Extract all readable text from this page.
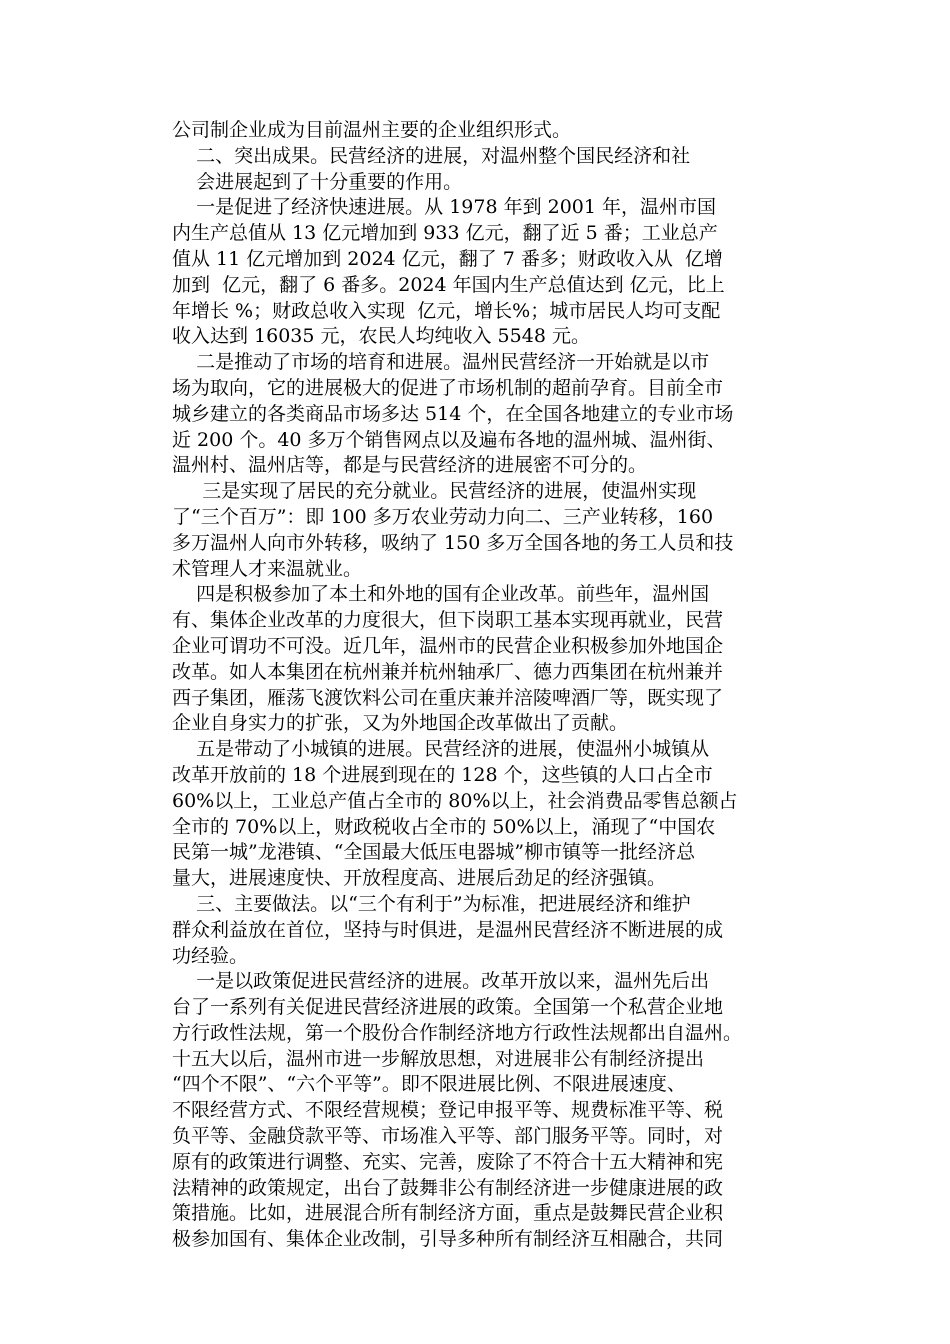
公司制企业成为目前温州主要的企业组织形式。
二、突出成果。民营经济的进展，对温州整个国民经济和社
会进展起到了十分重要的作用。
一是促进了经济快速进展。从 1978 年到 2001 年，温州市国
内生产总值从 13 亿元增加到 933 亿元，翻了近 5 番；工业总产
值从 11 亿元增加到 2024 亿元，翻了 7 番多；财政收入从  亿增
加到  亿元，翻了 6 番多。2024 年国内生产总值达到 亿元，比上
年增长 %；财政总收入实现  亿元，增长%；城市居民人均可支配
收入达到 16035 元，农民人均纯收入 5548 元。
二是推动了市场的培育和进展。温州民营经济一开始就是以市
场为取向，它的进展极大的促进了市场机制的超前孕育。目前全市
城乡建立的各类商品市场多达 514 个，在全国各地建立的专业市场
近 200 个。40 多万个销售网点以及遍布各地的温州城、温州街、
温州村、温州店等，都是与民营经济的进展密不可分的。
三是实现了居民的充分就业。民营经济的进展，使温州实现
了“三个百万”：即 100 多万农业劳动力向二、三产业转移，160
多万温州人向市外转移，吸纳了 150 多万全国各地的务工人员和技
术管理人才来温就业。
四是积极参加了本土和外地的国有企业改革。前些年，温州国
有、集体企业改革的力度很大，但下岗职工基本实现再就业，民营
企业可谓功不可没。近几年，温州市的民营企业积极参加外地国企
改革。如人本集团在杭州兼并杭州轴承厂、德力西集团在杭州兼并
西子集团，雁荡飞渡饮料公司在重庆兼并涪陵啤酒厂等，既实现了
企业自身实力的扩张，又为外地国企改革做出了贡献。
五是带动了小城镇的进展。民营经济的进展，使温州小城镇从
改革开放前的 18 个进展到现在的 128 个，这些镇的人口占全市
60%以上，工业总产值占全市的 80%以上，社会消费品零售总额占
全市的 70%以上，财政税收占全市的 50%以上，涌现了“中国农
民第一城”龙港镇、“全国最大低压电器城”柳市镇等一批经济总
量大，进展速度快、开放程度高、进展后劲足的经济强镇。
三、主要做法。以“三个有利于”为标准，把进展经济和维护
群众利益放在首位，坚持与时俱进，是温州民营经济不断进展的成
功经验。
一是以政策促进民营经济的进展。改革开放以来，温州先后出
台了一系列有关促进民营经济进展的政策。全国第一个私营企业地
方行政性法规，第一个股份合作制经济地方行政性法规都出自温州。
十五大以后，温州市进一步解放思想，对进展非公有制经济提出
“四个不限”、“六个平等”。即不限进展比例、不限进展速度、
不限经营方式、不限经营规模；登记申报平等、规费标准平等、税
负平等、金融贷款平等、市场准入平等、部门服务平等。同时，对
原有的政策进行调整、充实、完善，废除了不符合十五大精神和宪
法精神的政策规定，出台了鼓舞非公有制经济进一步健康进展的政
策措施。比如，进展混合所有制经济方面，重点是鼓舞民营企业积
极参加国有、集体企业改制，引导多种所有制经济互相融合，共同
